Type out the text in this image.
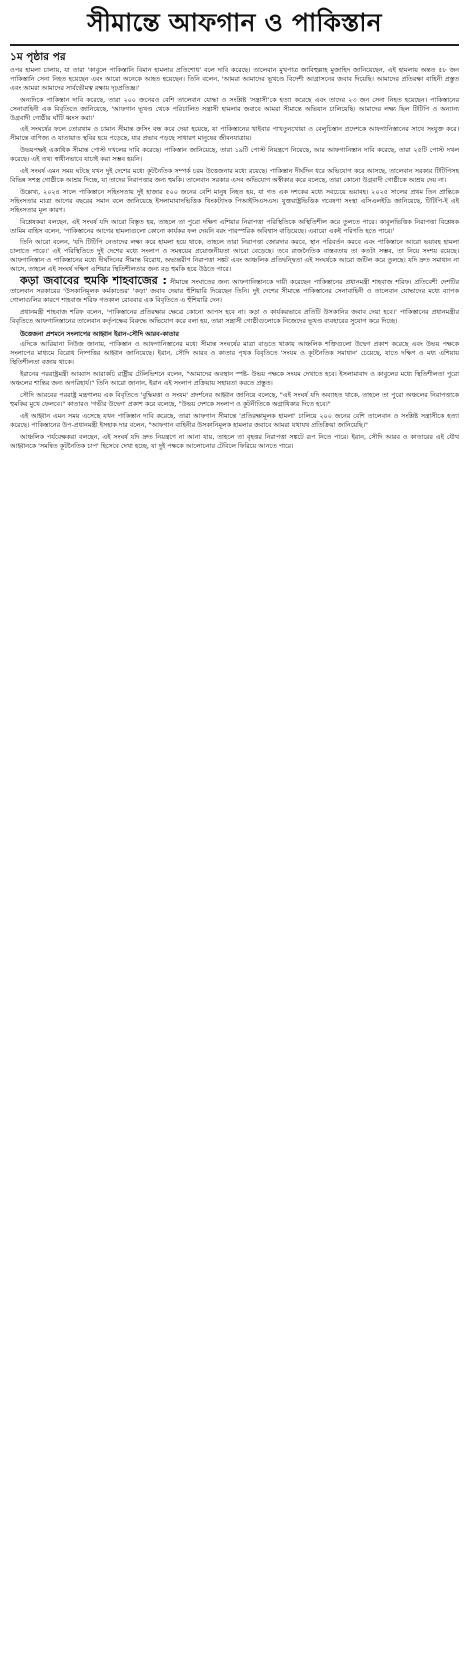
সীমান্তে আফগান ও পাকিস্তান
১ম পৃষ্ঠার পর

ওপর হামলা চালায়, যা তারা 'কাবুলে পাকিস্তানি বিমান হামলার প্রতিশোধ' বলে দাবি করেছে। তালেবান মুখপাত্র জাবিহুল্লাহ মুজাহিদ জানিয়েছেন, এই হামলায় অন্তত ৫৮ জন পাকিস্তানি সেনা নিহত হয়েছেন এবং আরো অনেকে আহত হয়েছেন। তিনি বলেন, 'আমরা আমাদের ভূখণ্ডে বিদেশী আগ্রাসনের জবাব দিয়েছি। আমাদের প্রতিরক্ষা বাহিনী প্রস্তুত এবং আমরা আমাদের সার্বভৌমত্ব রক্ষায় দৃঢ়প্রতিজ্ঞ।'

অন্যদিকে পাকিস্তান দাবি করেছে, তারা ২০০ জনেরও বেশি তালেবান যোদ্ধা ও সংশ্লিষ্ট 'সন্ত্রাসী'কে হত্যা করেছে এবং তাদের ২৩ জন সেনা নিহত হয়েছেন। পাকিস্তানের সেনাবাহিনী এক বিবৃতিতে জানিয়েছে, 'আফগান ভূখণ্ড থেকে পরিচালিত সন্ত্রাসী হামলার জবাবে আমরা সীমান্তে অভিযান চালিয়েছি। আমাদের লক্ষ্য ছিল টিটিপি ও অন্যান্য উগ্রবাদী গোষ্ঠীর ঘাঁটি ধ্বংস করা।'

এই সংঘর্ষের ফলে তোরখাম ও চামান সীমান্ত ক্রসিং বন্ধ করে দেয়া হয়েছে, যা পাকিস্তানের খাইবার পাখতুনখোয়া ও বেলুচিস্তান প্রদেশকে আফগানিস্তানের সাথে সংযুক্ত করে। সীমান্তে বাণিজ্য ও যাতায়াত স্থবির হয়ে পড়েছে, যার প্রভাব পড়ছে সাধারণ মানুষের জীবনযাত্রায়।

উভয়পক্ষই একাধিক সীমান্ত পোস্ট দখলের দাবি করেছে। পাকিস্তান জানিয়েছে, তারা ১৯টি পোস্ট নিয়ন্ত্রণে নিয়েছে, আর আফগানিস্তান দাবি করেছে, তারা ২৫টি পোস্ট দখল করেছে। এই তথ্য স্বাধীনভাবে যাচাই করা সম্ভব হয়নি।

এই সংঘর্ষ এমন সময় ঘটছে যখন দুই দেশের মধ্যে কূটনৈতিক সম্পর্ক চরম উত্তেজনার মধ্যে রয়েছে। পাকিস্তান দীর্ঘদিন ধরে অভিযোগ করে আসছে, তালেবান সরকার টিটিপিসহ বিভিন্ন সশস্ত্র গোষ্ঠীকে আশ্রয় দিচ্ছে, যা তাদের নিরাপত্তার জন্য হুমকি। তালেবান সরকার এসব অভিযোগ অস্বীকার করে বলেছে, তারা কোনো উগ্রবাদী গোষ্ঠীকে আশ্রয় দেয় না।

উল্লেখ্য, ২০২৪ সালে পাকিস্তানে সহিংসতায় দুই হাজার ৫০০ জনের বেশি মানুষ নিহত হয়, যা গত এক দশকের মধ্যে সবচেয়ে ভয়াবহ। ২০২৫ সালের প্রথম তিন প্রান্তিকে সহিংসতার মাত্রা আগের বছরের সমান বলে জানিয়েছে ইসলামাবাদভিত্তিক থিংকট্যাংক পিআইসিএসএস। যুক্তরাষ্ট্রভিত্তিক গবেষণা সংস্থা এসিএলইডি জানিয়েছে, টিটিপি-ই এই সহিংসতার মূল কারণ।

বিশ্লেষকরা বলছেন, এই সংঘর্ষ যদি আরো বিস্তৃত হয়, তাহলে তা পুরো দক্ষিণ এশিয়ার নিরাপত্তা পরিস্থিতিকে অস্থিতিশীল করে তুলতে পারে। কাবুলভিত্তিক নিরাপত্তা বিশ্লেষক তামিম বাহিস বলেন, 'পাকিস্তানের আগের হামলাগুলো কোনো কার্যকর ফল দেয়নি বরং পারস্পরিক অবিশ্বাস বাড়িয়েছে। এবারো একই পরিণতি হতে পারে।'

তিনি আরো বলেন, 'যদি টিটিপি নেতাদের লক্ষ্য করে হামলা হয়ে থাকে, তাহলে তারা নিরাপত্তা জোরদার করবে, স্থান পরিবর্তন করবে এবং পাকিস্তানে আরো ভয়াবহ হামলা চালাতে পারে।' এই পরিস্থিতিতে দুই দেশের মধ্যে সংলাপ ও সমন্বয়ের প্রয়োজনীয়তা আরো বেড়েছে। তবে রাজনৈতিক বাস্তবতায় তা কতটা সম্ভব, তা নিয়ে সংশয় রয়েছে। আফগানিস্তান ও পাকিস্তানের মধ্যে দীর্ঘদিনের সীমান্ত বিরোধ, অভ্যন্তরীণ নিরাপত্তা সঙ্কট এবং আঞ্চলিক প্রতিদ্বন্দ্বিতা এই সংঘর্ষকে আরো জটিল করে তুলছে। যদি দ্রুত সমাধান না আসে, তাহলে এই সংঘর্ষ দক্ষিণ এশিয়ার স্থিতিশীলতার জন্য বড় হুমকি হয়ে উঠতে পারে।

কড়া জবাবের হুমকি শাহবাজের : সীমান্তে সংঘাতের জন্য আফগানিস্তানকে দায়ী করেছেন পাকিস্তানের প্রধানমন্ত্রী শাহবাজ শরিফ। প্রতিবেশী দেশটির তালেবান সরকারের 'উসকানিমূলক কর্মকাণ্ডের' 'কড়া' জবাব দেয়ার হুঁশিয়ারি দিয়েছেন তিনি। দুই দেশের সীমান্তে পাকিস্তানের সেনাবাহিনী ও তালেবান যোদ্ধাদের মধ্যে ব্যাপক গোলাগুলির কারণে শাহবাজ শরিফ গতকাল রোববার এক বিবৃতিতে এ হুঁশিয়ারি দেন।

প্রধানমন্ত্রী শাহবাজ শরিফ বলেন, 'পাকিস্তানের প্রতিরক্ষার ক্ষেত্রে কোনো আপস হবে না। কড়া ও কার্যকরভাবে প্রতিটি উসকানির জবাব দেয়া হবে।' পাকিস্তানের প্রধানমন্ত্রীর বিবৃতিতে আফগানিস্তানের তালেবান কর্তৃপক্ষের বিরুদ্ধে অভিযোগ করে বলা হয়, তারা সন্ত্রাসী গোষ্ঠীগুলোকে নিজেদের ভূখণ্ড ব্যবহারের সুযোগ করে দিচ্ছে।

উত্তেজনা প্রশমনে সংলাপের আহ্বান ইরান-সৌদি আরব-কাতার

এদিকে আরিয়ানা নিউজ জানায়, পাকিস্তান ও আফগানিস্তানের মধ্যে সীমান্ত সংঘর্ষের মাত্রা বাড়তে থাকায় আঞ্চলিক শক্তিগুলো উদ্বেগ প্রকাশ করেছে এবং উভয় পক্ষকে সংলাপের মাধ্যমে বিরোধ নিষ্পত্তির আহ্বান জানিয়েছে। ইরান, সৌদি আরব ও কাতার পৃথক বিবৃতিতে 'সংযম ও কূটনৈতিক সমাধান' চেয়েছে, যাতে দক্ষিণ ও মধ্য এশিয়ায় স্থিতিশীলতা বজায় থাকে।

ইরানের পররাষ্ট্রমন্ত্রী আব্বাস আরাকচি রাষ্ট্রীয় টেলিভিশনে বলেন, "আমাদের অবস্থান স্পষ্ট- উভয় পক্ষকে সংযম দেখাতে হবে। ইসলামাবাদ ও কাবুলের মধ্যে স্থিতিশীলতা পুরো অঞ্চলের শান্তির জন্য অপরিহার্য।" তিনি আরো জানান, ইরান এই সংলাপ প্রক্রিয়ায় সহায়তা করতে প্রস্তুত।

সৌদি আরবের পররাষ্ট্র মন্ত্রণালয় এক বিবৃতিতে 'বুদ্ধিমত্তা ও সংযম' প্রদর্শনের আহ্বান জানিয়ে বলেছে, "এই সংঘর্ষ যদি অব্যাহত থাকে, তাহলে তা পুরো অঞ্চলের নিরাপত্তাকে হুমকির মুখে ফেলবে।" কাতারও 'গভীর উদ্বেগ' প্রকাশ করে বলেছে, "উভয় দেশকে সংলাপ ও কূটনীতিকে অগ্রাধিকার দিতে হবে।"

এই আহ্বান এমন সময় এসেছে যখন পাকিস্তান দাবি করেছে, তারা আফগান সীমান্তে 'প্রতিরক্ষামূলক হামলা' চালিয়ে ২০০ জনের বেশি তালেবান ও সংশ্লিষ্ট সন্ত্রাসীকে হত্যা করেছে। পাকিস্তানের উপ-প্রধানমন্ত্রী ইসহাক দার বলেন, "আফগান বাহিনীর উসকানিমূলক হামলার জবাবে আমরা যথাযথ প্রতিক্রিয়া জানিয়েছি।"

আঞ্চলিক পর্যবেক্ষকরা বলছেন, এই সংঘর্ষ যদি দ্রুত নিয়ন্ত্রণে না আনা যায়, তাহলে তা বৃহত্তর নিরাপত্তা সঙ্কটে রূপ নিতে পারে। ইরান, সৌদি আরব ও কাতারের এই যৌথ আহ্বানকে 'সমন্বিত কূটনৈতিক চাপ' হিসেবে দেখা হচ্ছে, যা দুই পক্ষকে আলোচনার টেবিলে ফিরিয়ে আনতে পারে।
